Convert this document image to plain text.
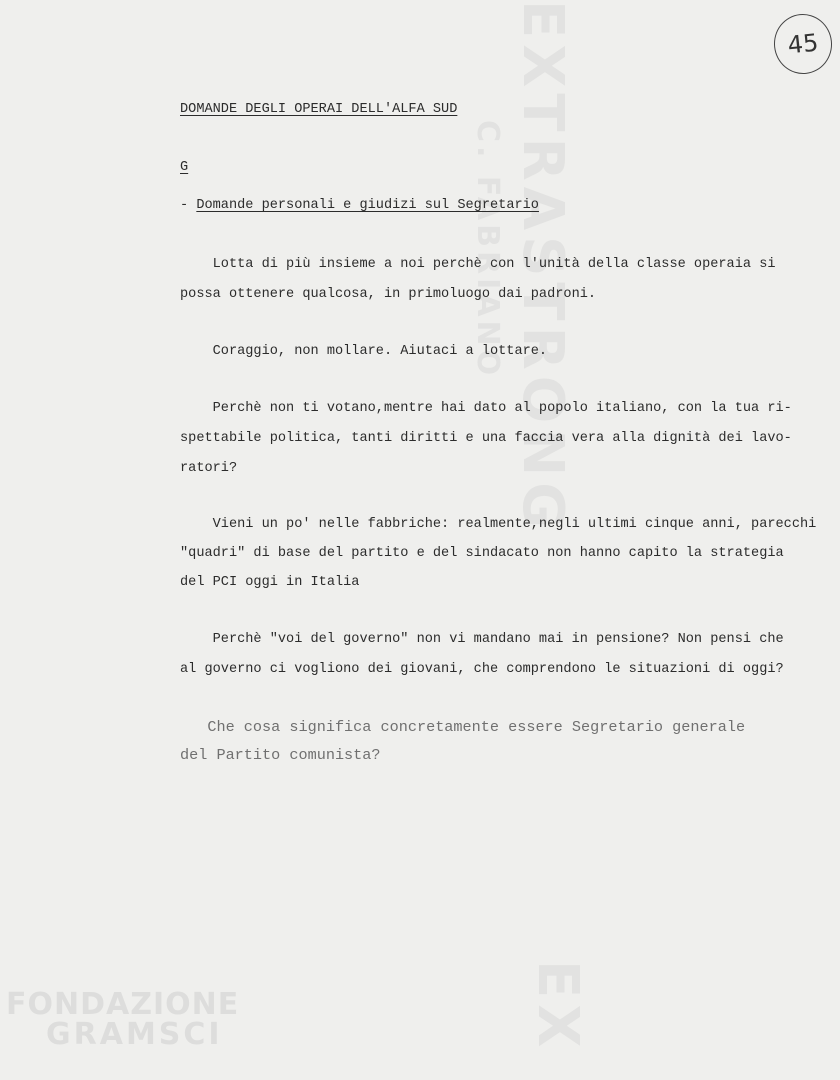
EXTRASTRONG
C. FABRIANO
EX
45
DOMANDE DEGLI OPERAI DELL'ALFA SUD
G
- Domande personali e giudizi sul Segretario
Lotta di più insieme a noi perchè con l'unità della classe operaia si
possa ottenere qualcosa, in primoluogo dai padroni.
Coraggio, non mollare. Aiutaci a lottare.
Perchè non ti votano,mentre hai dato al popolo italiano, con la tua ri-
spettabile politica, tanti diritti e una faccia vera alla dignità dei lavo-
ratori?
Vieni un po' nelle fabbriche: realmente,negli ultimi cinque anni, parecchi
"quadri" di base del partito e del sindacato non hanno capito la strategia
del PCI oggi in Italia
Perchè "voi del governo" non vi mandano mai in pensione? Non pensi che
al governo ci vogliono dei giovani, che comprendono le situazioni di oggi?
Che cosa significa concretamente essere Segretario generale
del Partito comunista?
FONDAZIONE
GRAMSCI
